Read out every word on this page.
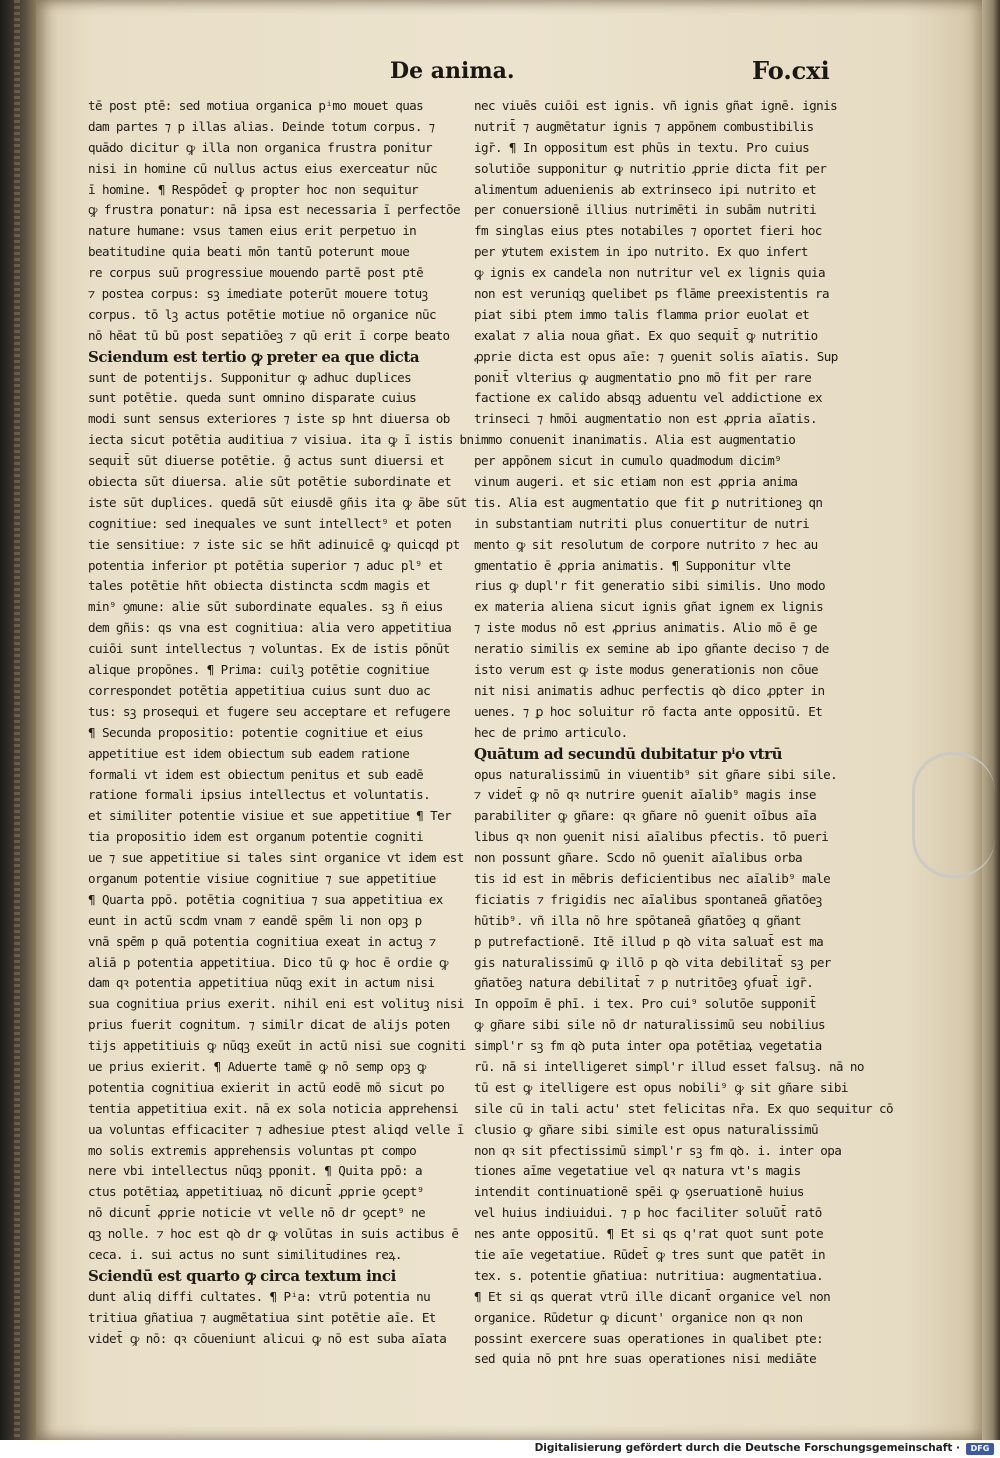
De anima.	Fo.cxi
tē post ptē: sed motiua organica pⁱmo mouet quas
dam partes ⁊ p illas alias. Deinde totum corpus. ⁊
quādo dicitur ꝙ illa non organica frustra ponitur
nisi in homine cū nullus actus eius exerceatur nūc
ī homine. ¶ Respōdet̄ ꝙ propter hoc non sequitur
ꝙ frustra ponatur: nā ipsa est necessaria ī perfectōe
nature humane: vsus tamen eius erit perpetuo in
beatitudine quia beati mōn tantū poterunt moue
re corpus suū progressiue mouendo partē post ptē
⁊ postea corpus: sꝫ imediate poterūt mouere totuꝫ
corpus. tō lꝫ actus potētie motiue nō organice nūc
nō hēat tū bū post sepatiōeꝫ ⁊ qū erit ī corpe beato
Sciendum est tertio ꝙ preter ea que dicta
sunt de potentijs. Supponitur ꝙ adhuc duplices
sunt potētie. queda sunt omnino disparate cuius
modi sunt sensus exteriores ⁊ iste sp hnt diuersa ob
iecta sicut potētia auditiua ⁊ visiua. ita ꝙ ī istis bn
sequit̄ sūt diuerse potētie. ḡ actus sunt diuersi et
obiecta sūt diuersa. alie sūt potētie subordinate et
iste sūt duplices. quedā sūt eiusdē gñis ita ꝙ ābe sūt
cognitiue: sed inequales ve sunt intellect⁹ et poten
tie sensitiue: ⁊ iste sic se hñt adinuicē ꝙ quicqd pt
potentia inferior pt potētia superior ⁊ aduc pl⁹ et
tales potētie hñt obiecta distincta scdm magis et
min⁹ ꝯmune: alie sūt subordinate equales. sꝫ ñ eius
dem gñis: qs vna est cognitiua: alia vero appetitiua
cuiōi sunt intellectus ⁊ voluntas. Ex de istis pōnūt
alique propōnes. ¶ Prima: cuilꝫ potētie cognitiue
correspondet potētia appetitiua cuius sunt duo ac
tus: sꝫ prosequi et fugere seu acceptare et refugere
¶ Secunda propositio: potentie cognitiue et eius
appetitiue est idem obiectum sub eadem ratione
formali vt idem est obiectum penitus et sub eadē
ratione formali ipsius intellectus et voluntatis.
et similiter potentie visiue et sue appetitiue ¶ Ter
tia propositio idem est organum potentie cogniti
ue ⁊ sue appetitiue si tales sint organice vt idem est
organum potentie visiue cognitiue ⁊ sue appetitiue
¶ Quarta ppō. potētia cognitiua ⁊ sua appetitiua ex
eunt in actū scdm vnam ⁊ eandē spēm li non opꝫ p
vnā spēm p quā potentia cognitiua exeat in actuꝫ ⁊
aliā p potentia appetitiua. Dico tū ꝙ hoc ē ordie ꝙ
dam qꝛ potentia appetitiua nūqꝫ exit in actum nisi
sua cognitiua prius exerit. nihil eni est volituꝫ nisi
prius fuerit cognitum. ⁊ similr dicat de alijs poten
tijs appetitiuis ꝙ nūqꝫ exeūt in actū nisi sue cogniti
ue prius exierit. ¶ Aduerte tamē ꝙ nō semp opꝫ ꝙ
potentia cognitiua exierit in actū eodē mō sicut po
tentia appetitiua exit. nā ex sola noticia apprehensi
ua voluntas efficaciter ⁊ adhesiue ptest aliqd velle ī
mo solis extremis apprehensis voluntas pt compo
nere vbi intellectus nūqꝫ pponit. ¶ Quita ppō: a
ctus potētiaꝝ appetitiuaꝝ nō dicunt̄ ꝓprie ꝯcept⁹
nō dicunt̄ ꝓprie noticie vt velle nō dr ꝯcept⁹ ne
qꝫ nolle. ⁊ hoc est qꝺ dr ꝙ volūtas in suis actibus ē
ceca. i. sui actus no sunt similitudines reꝝ.
Sciendū est quarto ꝙ circa textum inci
dunt aliq diffi cultates. ¶ Pⁱa: vtrū potentia nu
tritiua gñatiua ⁊ augmētatiua sint potētie aīe. Et
videt̄ ꝙ nō: qꝛ cōueniunt alicui ꝙ nō est suba aīata
nec viuēs cuiōi est ignis. vñ ignis gñat ignē. ignis
nutrit̄ ⁊ augmētatur ignis ⁊ appōnem combustibilis
igr̄. ¶ In oppositum est phūs in textu. Pro cuius
solutiōe supponitur ꝙ nutritio ꝓprie dicta fit per
alimentum aduenienis ab extrinseco ipi nutrito et
per conuersionē illius nutrimēti in subām nutriti
fm singlas eius ptes notabiles ⁊ oportet fieri hoc
per ꝟtutem existem in ipo nutrito. Ex quo infert
ꝙ ignis ex candela non nutritur vel ex lignis quia
non est veruniqꝫ quelibet ps flāme preexistentis ra
piat sibi ptem immo talis flamma prior euolat et
exalat ⁊ alia noua gñat. Ex quo sequit̄ ꝙ nutritio
ꝓprie dicta est opus aīe: ⁊ ꝯuenit solis aīatis. Sup
ponit̄ vlterius ꝙ augmentatio ꝑno mō fit per rare
factione ex calido absqꝫ aduentu vel addictione ex
trinseci ⁊ hmōi augmentatio non est ꝓpria aīatis.
immo conuenit inanimatis. Alia est augmentatio
per appōnem sicut in cumulo quadmodum dicim⁹
vinum augeri. et sic etiam non est ꝓpria anima
tis. Alia est augmentatio que fit ꝑ nutritioneꝫ qn
in substantiam nutriti plus conuertitur de nutri
mento ꝙ sit resolutum de corpore nutrito ⁊ hec au
gmentatio ē ꝓpria animatis. ¶ Supponitur vlte
rius ꝙ dupl'r fit generatio sibi similis. Uno modo
ex materia aliena sicut ignis gñat ignem ex lignis
⁊ iste modus nō est ꝓprius animatis. Alio mō ē ge
neratio similis ex semine ab ipo gñante deciso ⁊ de
isto verum est ꝙ iste modus generationis non cōue
nit nisi animatis adhuc perfectis qꝺ dico ꝓpter in
uenes. ⁊ ꝑ hoc soluitur rō facta ante oppositū. Et
hec de primo articulo.
Quātum ad secundū dubitatur pⁱo vtrū
opus naturalissimū in viuentib⁹ sit gñare sibi sile.
⁊ videt̄ ꝙ nō qꝛ nutrire ꝯuenit aīalib⁹ magis inse
parabiliter ꝙ gñare: qꝛ gñare nō ꝯuenit oībus aīa
libus qꝛ non ꝯuenit nisi aīalibus pfectis. tō pueri
non possunt gñare. Scdo nō ꝯuenit aīalibus orba
tis id est in mēbris deficientibus nec aīalib⁹ male
ficiatis ⁊ frigidis nec aīalibus spontaneā gñatōeꝫ
hūtib⁹. vñ illa nō hre spōtaneā gñatōeꝫ q gñant
p putrefactionē. Itē illud p qꝺ vita saluat̄ est ma
gis naturalissimū ꝙ illō p qꝺ vita debilitat̄ sꝫ per
gñatōeꝫ natura debilitat̄ ⁊ p nutritōeꝫ ꝯfuat̄ igr̄.
In oppoīm ē phī. i tex. Pro cui⁹ solutōe supponit̄
ꝙ gñare sibi sile nō dr naturalissimū seu nobilius
simpl'r sꝫ fm qꝺ puta inter opa potētiaꝝ vegetatia
rū. nā si intelligeret simpl'r illud esset falsuꝫ. nā no
tū est ꝙ itelligere est opus nobili⁹ ꝙ sit gñare sibi
sile cū in tali actu' stet felicitas nr̄a. Ex quo sequitur cō
clusio ꝙ gñare sibi simile est opus naturalissimū
non qꝛ sit pfectissimū simpl'r sꝫ fm qꝺ. i. inter opa
tiones aīme vegetatiue vel qꝛ natura vt's magis
intendit continuationē spēi ꝙ ꝯseruationē huius
vel huius indiuidui. ⁊ p hoc faciliter soluūt̄ ratō
nes ante oppositū. ¶ Et si qs q'rat quot sunt pote
tie aīe vegetatiue. Rūdet̄ ꝙ tres sunt que patēt in
tex. s. potentie gñatiua: nutritiua: augmentatiua.
¶ Et si qs querat vtrū ille dicant̄ organice vel non
organice. Rūdetur ꝙ dicunt' organice non qꝛ non
possint exercere suas operationes in qualibet pte:
sed quia nō pnt hre suas operationes nisi mediāte
Digitalisierung gefördert durch die Deutsche Forschungsgemeinschaft ·	DFG
